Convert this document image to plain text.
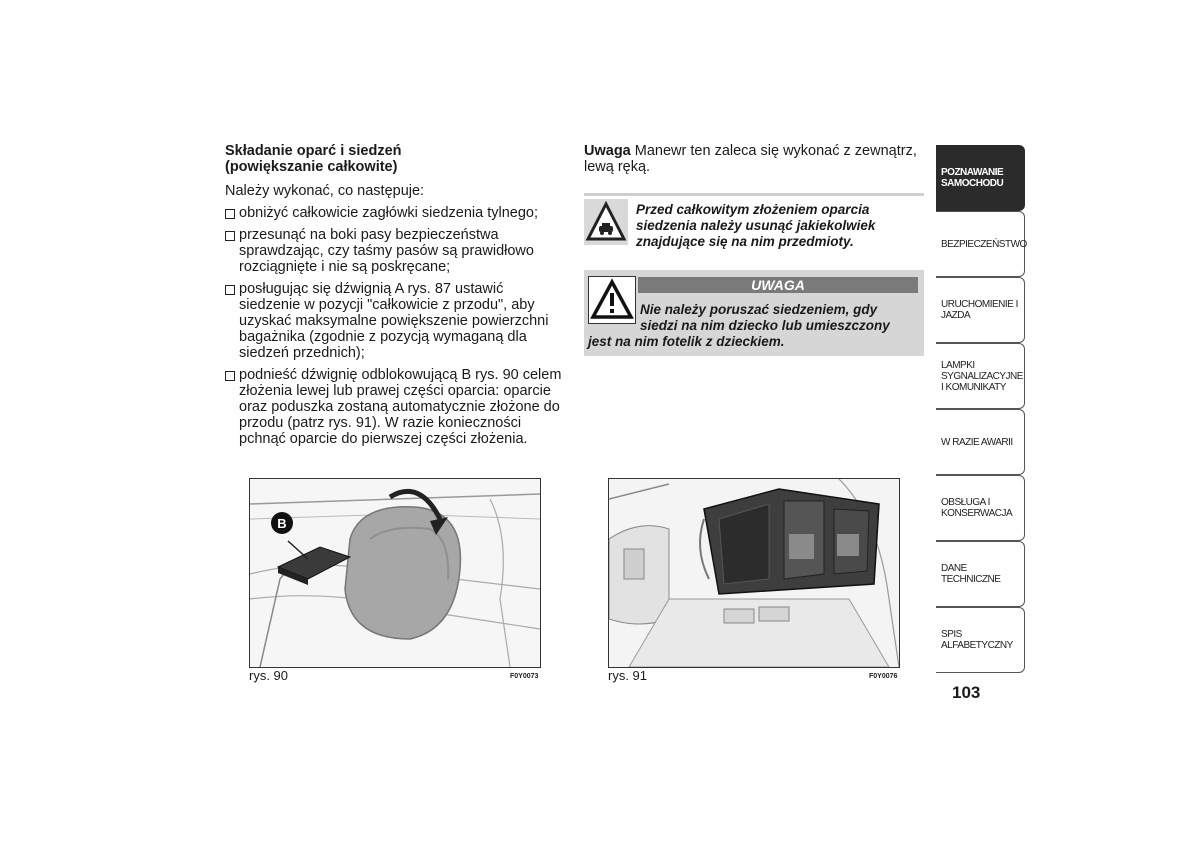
Składanie oparć i siedzeń
(powiększanie całkowite)
Należy wykonać, co następuje:
obniżyć całkowicie zagłówki siedzenia tylnego;
przesunąć na boki pasy bezpieczeństwa sprawdzając, czy taśmy pasów są prawidłowo rozciągnięte i nie są poskręcane;
posługując się dźwignią A rys. 87 ustawić siedzenie w pozycji "całkowicie z przodu", aby uzyskać maksymalne powiększenie powierzchni bagażnika (zgodnie z pozycją wymaganą dla siedzeń przednich);
podnieść dźwignię odblokowującą B rys. 90 celem złożenia lewej lub prawej części oparcia: oparcie oraz poduszka zostaną automatycznie złożone do przodu (patrz rys. 91). W razie konieczności pchnąć oparcie do pierwszej części złożenia.
Uwaga Manewr ten zaleca się wykonać z zewnątrz, lewą ręką.
Przed całkowitym złożeniem oparcia siedzenia należy usunąć jakiekolwiek znajdujące się na nim przedmioty.
UWAGA
Nie należy poruszać siedzeniem, gdy
siedzi na nim dziecko lub umieszczony
jest na nim fotelik z dzieckiem.
B
rys. 90	F0Y0073	rys. 91	F0Y0076
POZNAWANIE SAMOCHODU
BEZPIECZEŃSTWO
URUCHOMIENIE I JAZDA
LAMPKI SYGNALIZACYJNE I KOMUNIKATY
W RAZIE AWARII
OBSŁUGA I KONSERWACJA
DANE TECHNICZNE
SPIS ALFABETYCZNY
103
